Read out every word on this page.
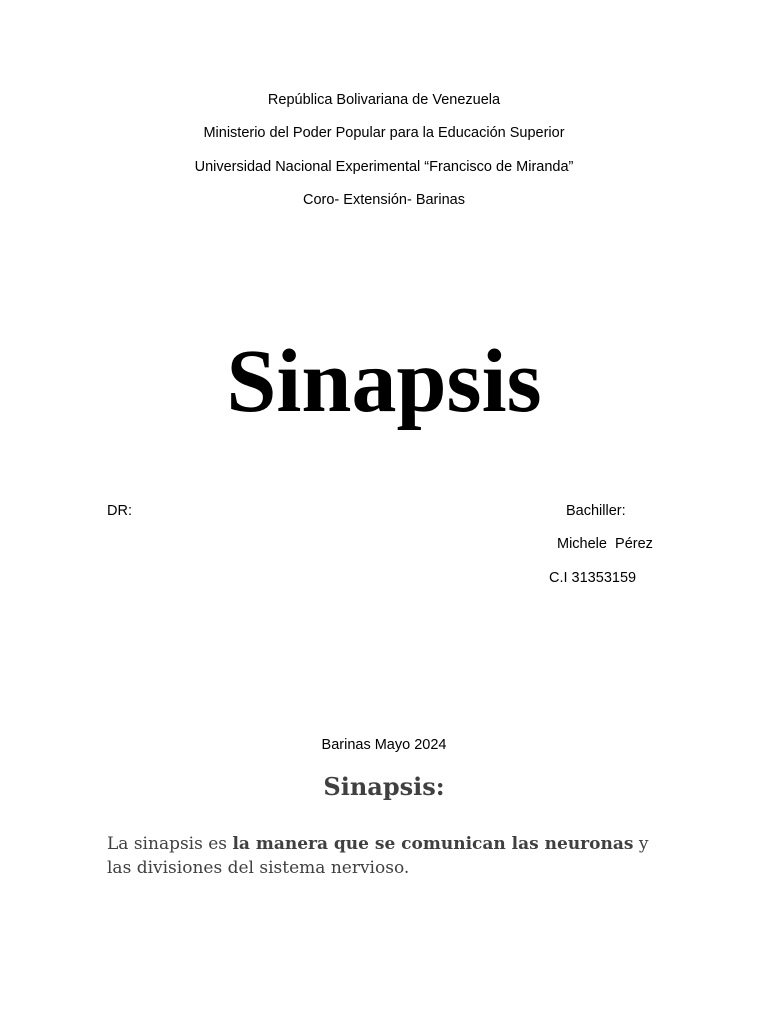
República Bolivariana de Venezuela
Ministerio del Poder Popular para la Educación Superior
Universidad Nacional Experimental “Francisco de Miranda”
Coro- Extensión- Barinas
Sinapsis
DR:	Bachiller:
Michele  Pérez
C.I 31353159
Barinas Mayo 2024
Sinapsis:

La sinapsis es la manera que se comunican las neuronas y las divisiones del sistema nervioso.
